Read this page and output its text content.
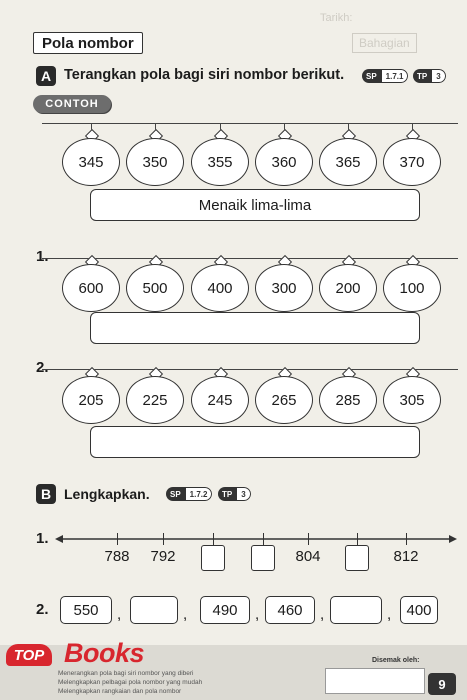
Tarikh:
Bahagian
Pola nombor
A Terangkan pola bagi siri nombor berikut.	SP	1.7.1	TP	3
CONTOH
345	350	355	360	365	370
Menaik lima-lima
1.
600	500	400	300	200	100
2.
205	225	245	265	285	305
B Lengkapkan.	SP	1.7.2	TP	3
1.
788 792	804	812
2.	550	,	,	490	,	460	,	,	400
TOP Books
Menerangkan pola bagi siri nombor yang diberi
Melengkapkan pelbagai pola nombor yang mudah
Melengkapkan rangkaian dan pola nombor
Disemak oleh:
9
